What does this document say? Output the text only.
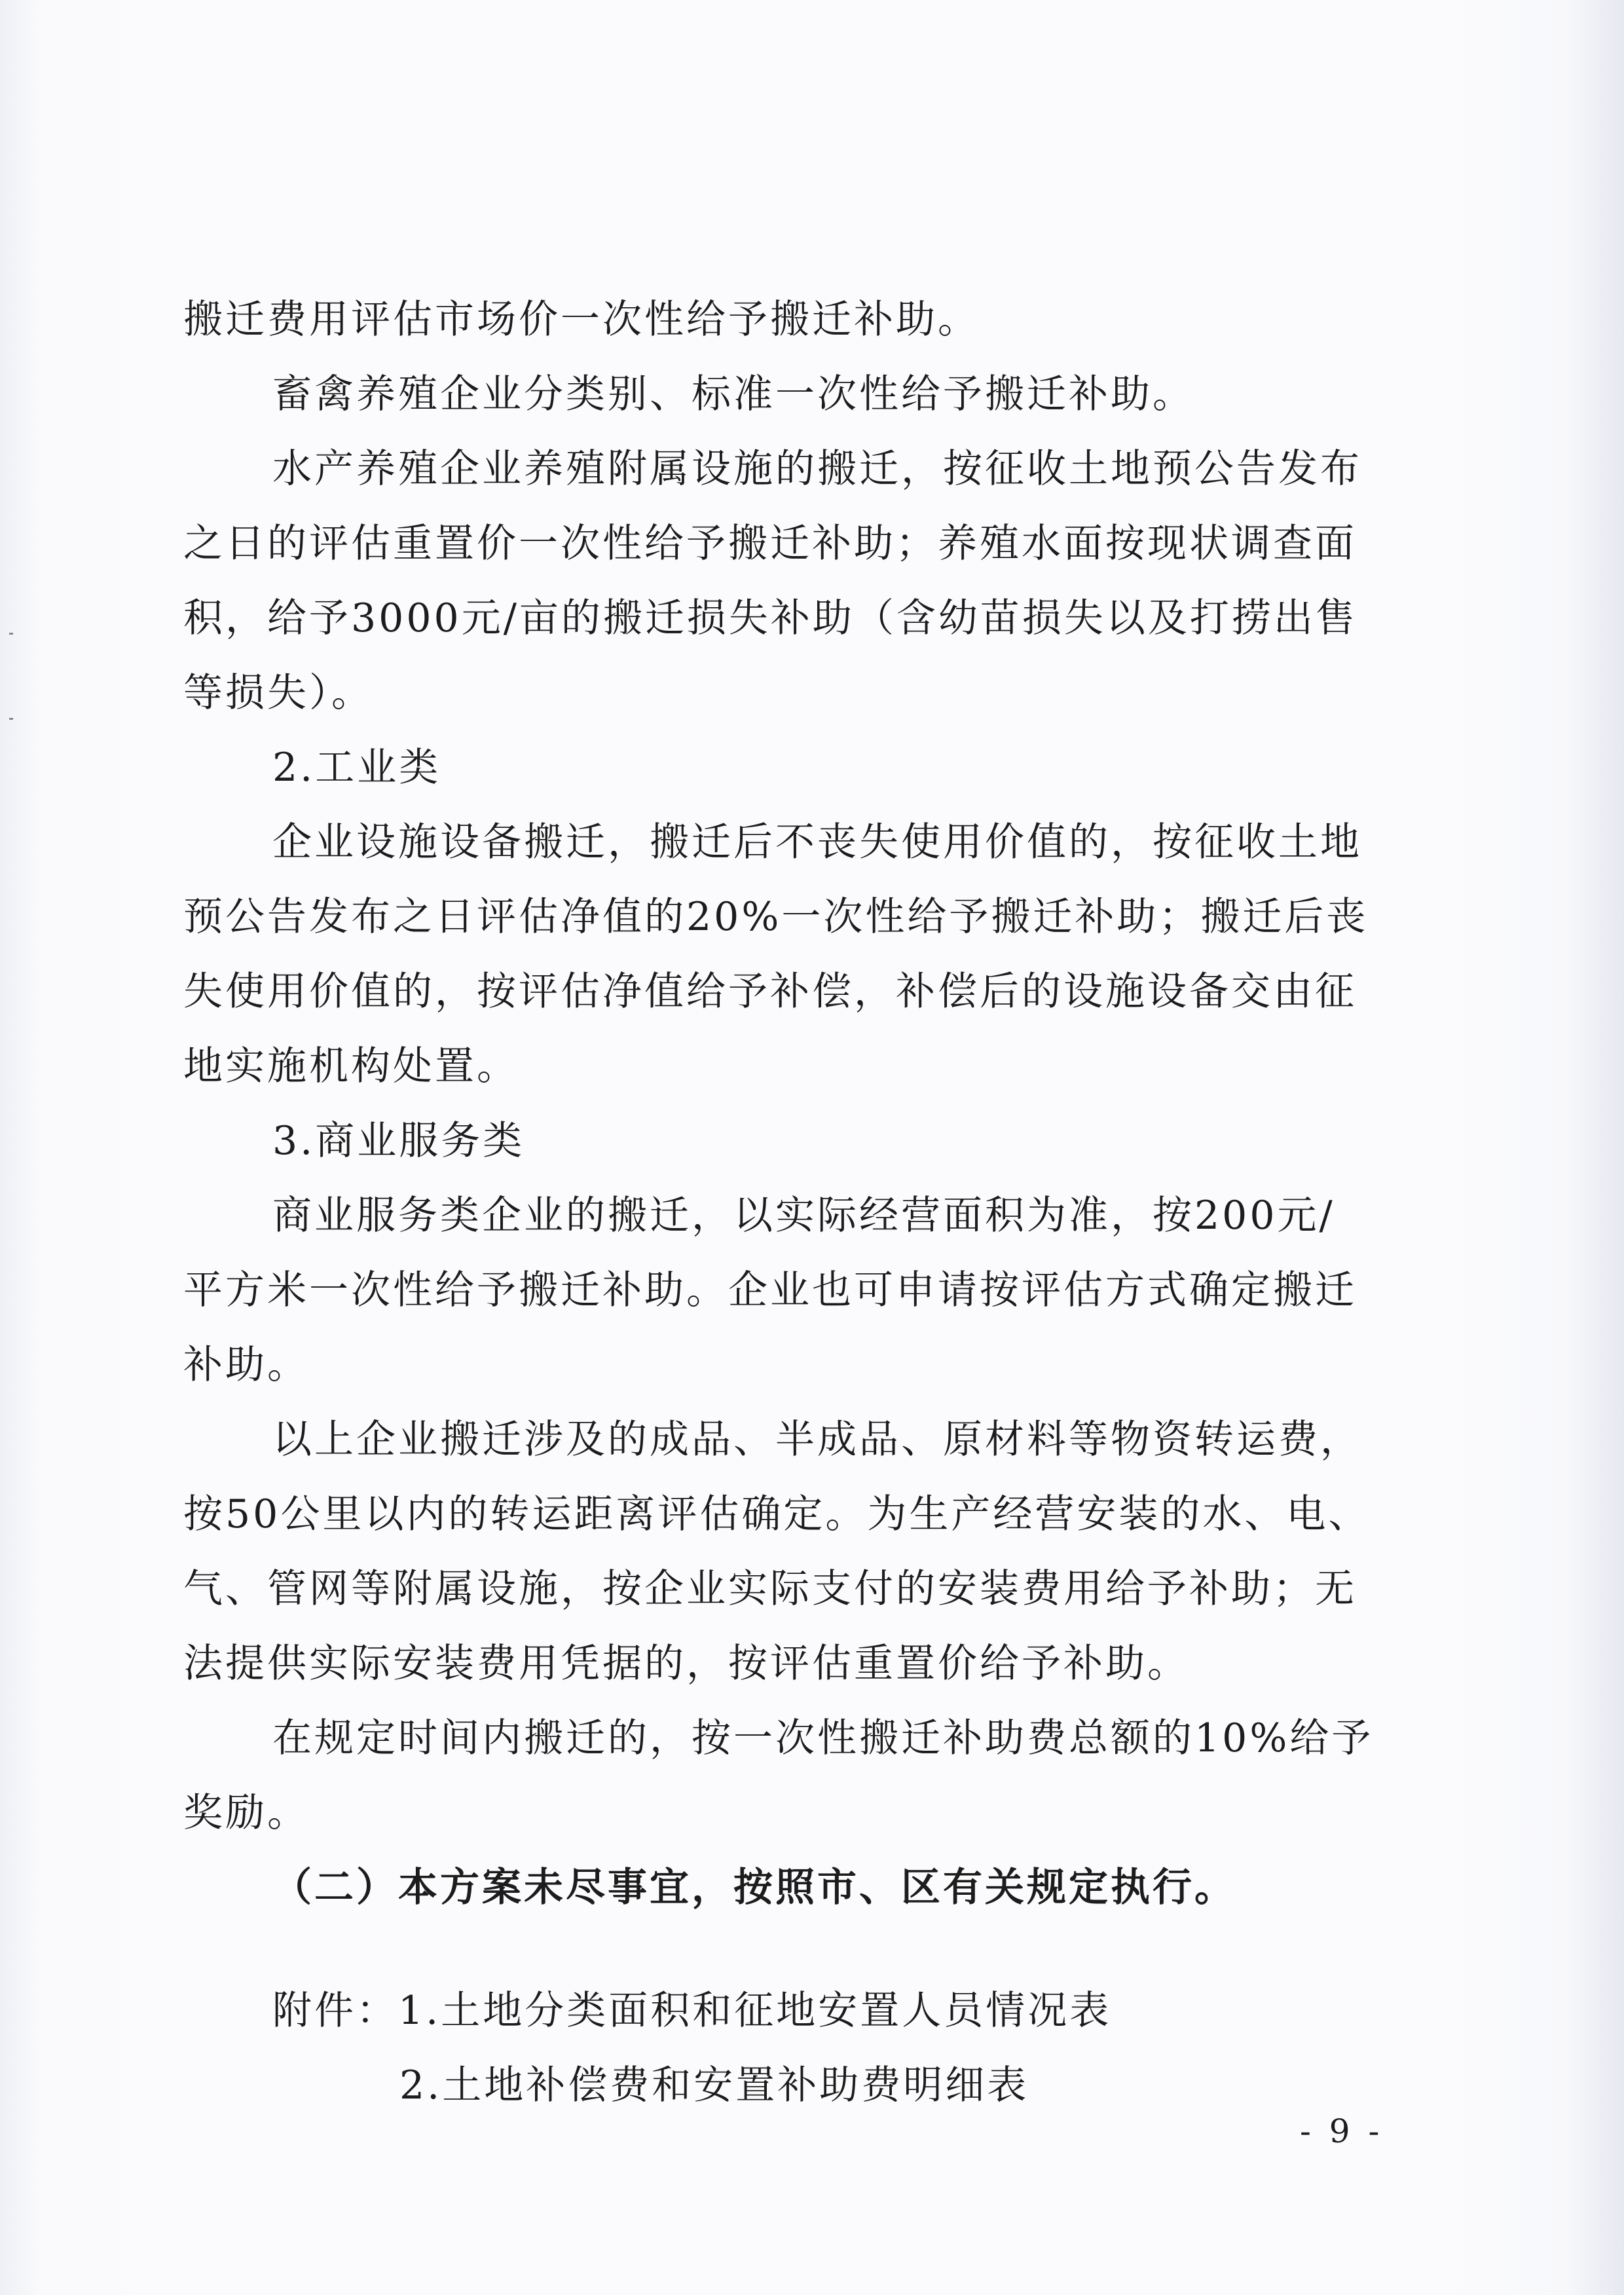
搬迁费用评估市场价一次性给予搬迁补助。
畜禽养殖企业分类别、标准一次性给予搬迁补助。
水产养殖企业养殖附属设施的搬迁，按征收土地预公告发布
之日的评估重置价一次性给予搬迁补助；养殖水面按现状调查面
积，给予3000元/亩的搬迁损失补助（含幼苗损失以及打捞出售
等损失）。
2.工业类
企业设施设备搬迁，搬迁后不丧失使用价值的，按征收土地
预公告发布之日评估净值的20%一次性给予搬迁补助；搬迁后丧
失使用价值的，按评估净值给予补偿，补偿后的设施设备交由征
地实施机构处置。
3.商业服务类
商业服务类企业的搬迁，以实际经营面积为准，按200元/
平方米一次性给予搬迁补助。企业也可申请按评估方式确定搬迁
补助。
以上企业搬迁涉及的成品、半成品、原材料等物资转运费，
按50公里以内的转运距离评估确定。为生产经营安装的水、电、
气、管网等附属设施，按企业实际支付的安装费用给予补助；无
法提供实际安装费用凭据的，按评估重置价给予补助。
在规定时间内搬迁的，按一次性搬迁补助费总额的10%给予
奖励。
（二）本方案未尽事宜，按照市、区有关规定执行。
附件：1.土地分类面积和征地安置人员情况表
2.土地补偿费和安置补助费明细表
- 9 -
